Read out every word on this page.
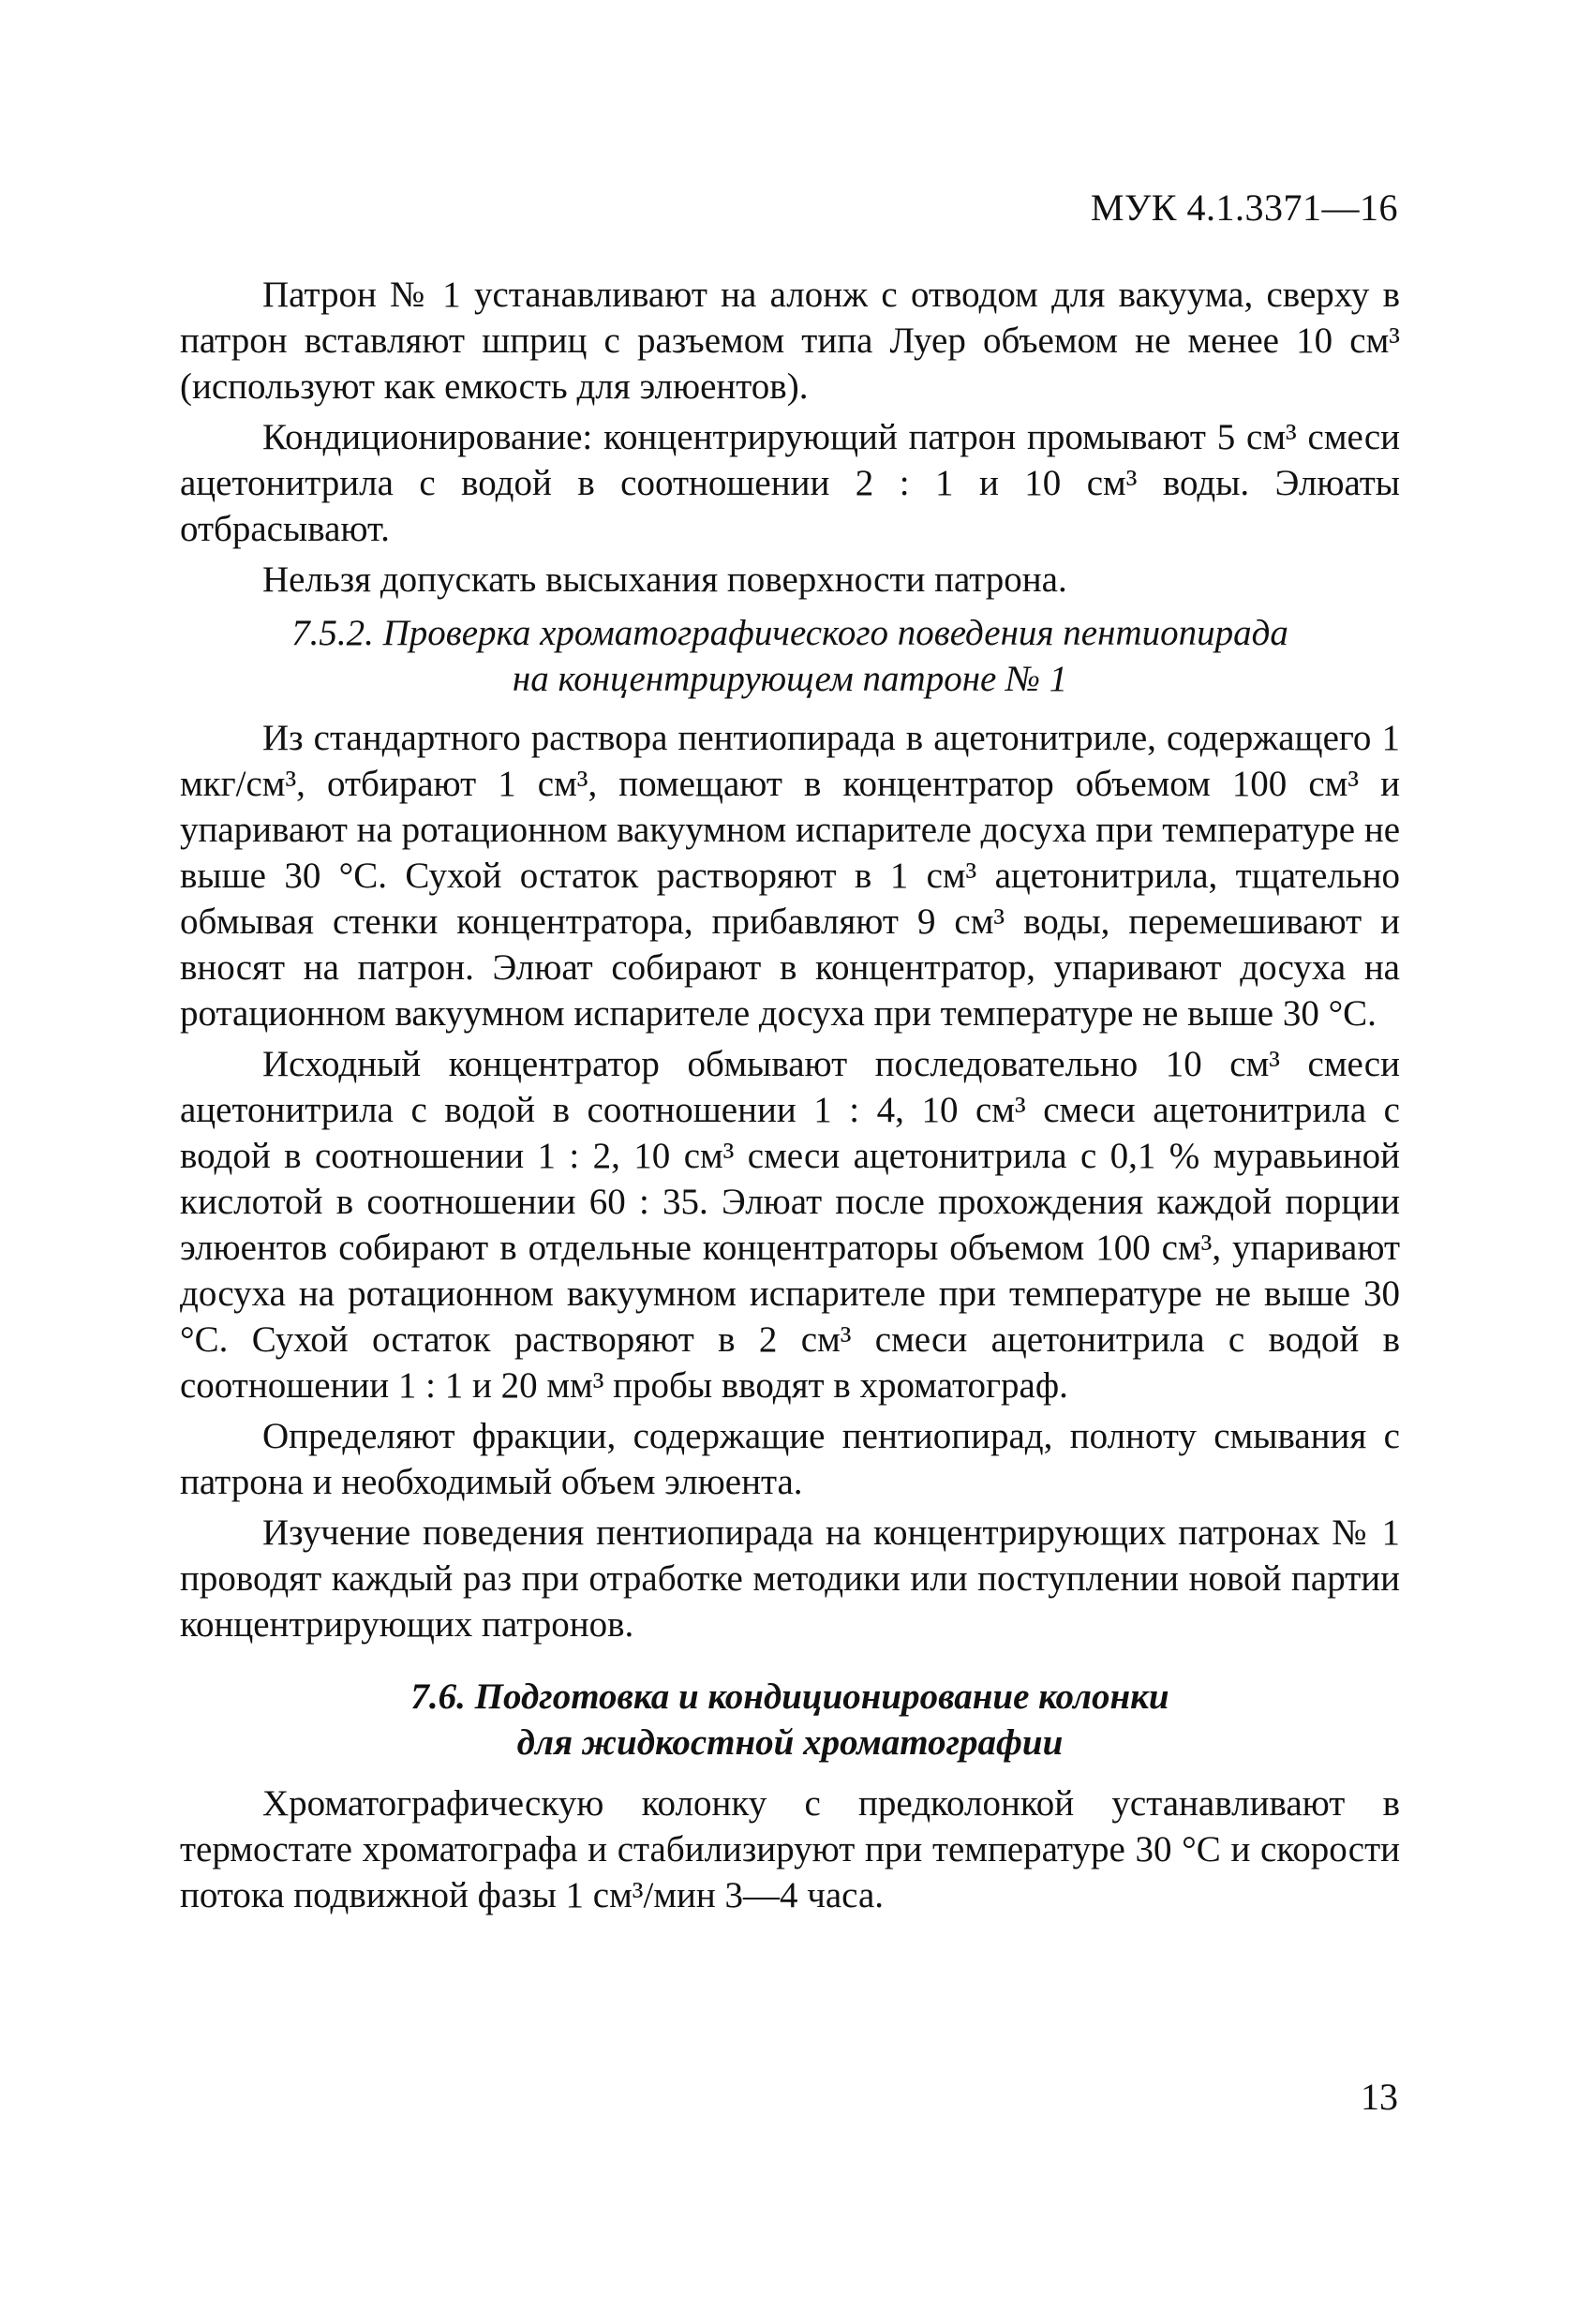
МУК 4.1.3371—16

Патрон № 1 устанавливают на алонж с отводом для вакуума, сверху в патрон вставляют шприц с разъемом типа Луер объемом не менее 10 см³ (используют как емкость для элюентов).

Кондиционирование: концентрирующий патрон промывают 5 см³ смеси ацетонитрила с водой в соотношении 2 : 1 и 10 см³ воды. Элюаты отбрасывают.

Нельзя допускать высыхания поверхности патрона.

7.5.2. Проверка хроматографического поведения пентиопирада
на концентрирующем патроне № 1

Из стандартного раствора пентиопирада в ацетонитриле, содержащего 1 мкг/см³, отбирают 1 см³, помещают в концентратор объемом 100 см³ и упаривают на ротационном вакуумном испарителе досуха при температуре не выше 30 °С. Сухой остаток растворяют в 1 см³ ацетонитрила, тщательно обмывая стенки концентратора, прибавляют 9 см³ воды, перемешивают и вносят на патрон. Элюат собирают в концентратор, упаривают досуха на ротационном вакуумном испарителе досуха при температуре не выше 30 °С.

Исходный концентратор обмывают последовательно 10 см³ смеси ацетонитрила с водой в соотношении 1 : 4, 10 см³ смеси ацетонитрила с водой в соотношении 1 : 2, 10 см³ смеси ацетонитрила с 0,1 % муравьиной кислотой в соотношении 60 : 35. Элюат после прохождения каждой порции элюентов собирают в отдельные концентраторы объемом 100 см³, упаривают досуха на ротационном вакуумном испарителе при температуре не выше 30 °С. Сухой остаток растворяют в 2 см³ смеси ацетонитрила с водой в соотношении 1 : 1 и 20 мм³ пробы вводят в хроматограф.

Определяют фракции, содержащие пентиопирад, полноту смывания с патрона и необходимый объем элюента.

Изучение поведения пентиопирада на концентрирующих патронах № 1 проводят каждый раз при отработке методики или поступлении новой партии концентрирующих патронов.

7.6. Подготовка и кондиционирование колонки
для жидкостной хроматографии

Хроматографическую колонку с предколонкой устанавливают в термостате хроматографа и стабилизируют при температуре 30 °С и скорости потока подвижной фазы 1 см³/мин 3—4 часа.

13
